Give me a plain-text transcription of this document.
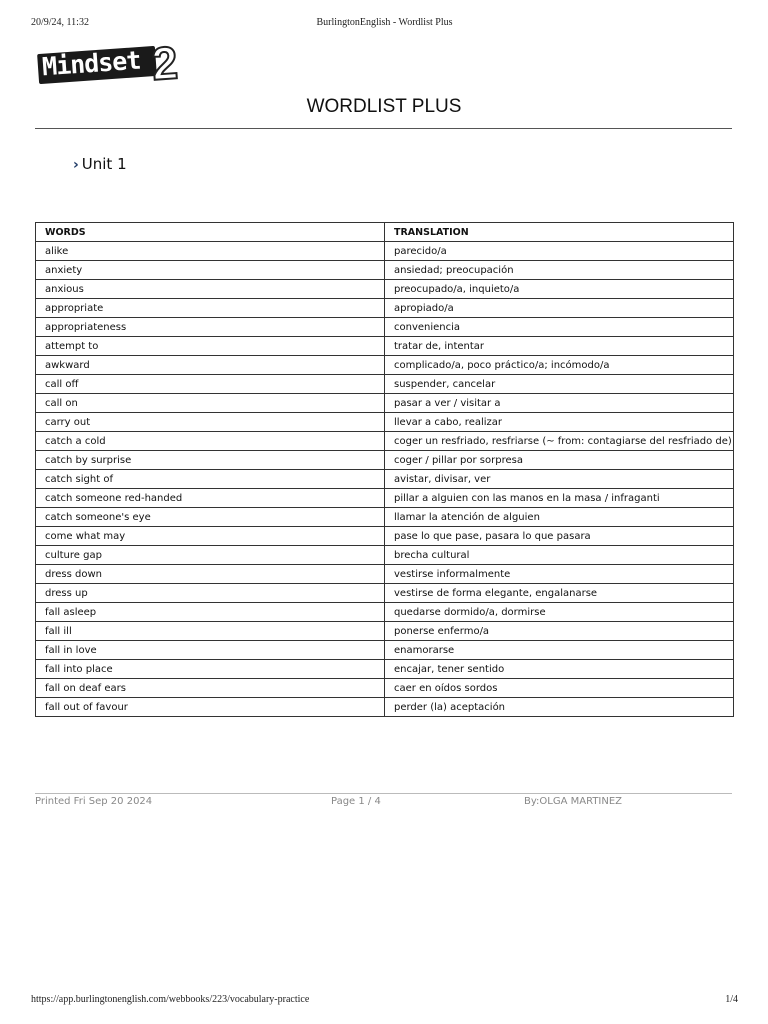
20/9/24, 11:32	BurlingtonEnglish - Wordlist Plus
Mindset 2
WORDLIST PLUS
› Unit 1
WORDS	TRANSLATION
alike	parecido/a
anxiety	ansiedad; preocupación
anxious	preocupado/a, inquieto/a
appropriate	apropiado/a
appropriateness	conveniencia
attempt to	tratar de, intentar
awkward	complicado/a, poco práctico/a; incómodo/a
call off	suspender, cancelar
call on	pasar a ver / visitar a
carry out	llevar a cabo, realizar
catch a cold	coger un resfriado, resfriarse (~ from: contagiarse del resfriado de)
catch by surprise	coger / pillar por sorpresa
catch sight of	avistar, divisar, ver
catch someone red-handed	pillar a alguien con las manos en la masa / infraganti
catch someone's eye	llamar la atención de alguien
come what may	pase lo que pase, pasara lo que pasara
culture gap	brecha cultural
dress down	vestirse informalmente
dress up	vestirse de forma elegante, engalanarse
fall asleep	quedarse dormido/a, dormirse
fall ill	ponerse enfermo/a
fall in love	enamorarse
fall into place	encajar, tener sentido
fall on deaf ears	caer en oídos sordos
fall out of favour	perder (la) aceptación
Printed Fri Sep 20 2024	Page 1 / 4	By:OLGA MARTINEZ
https://app.burlingtonenglish.com/webbooks/223/vocabulary-practice	1/4
